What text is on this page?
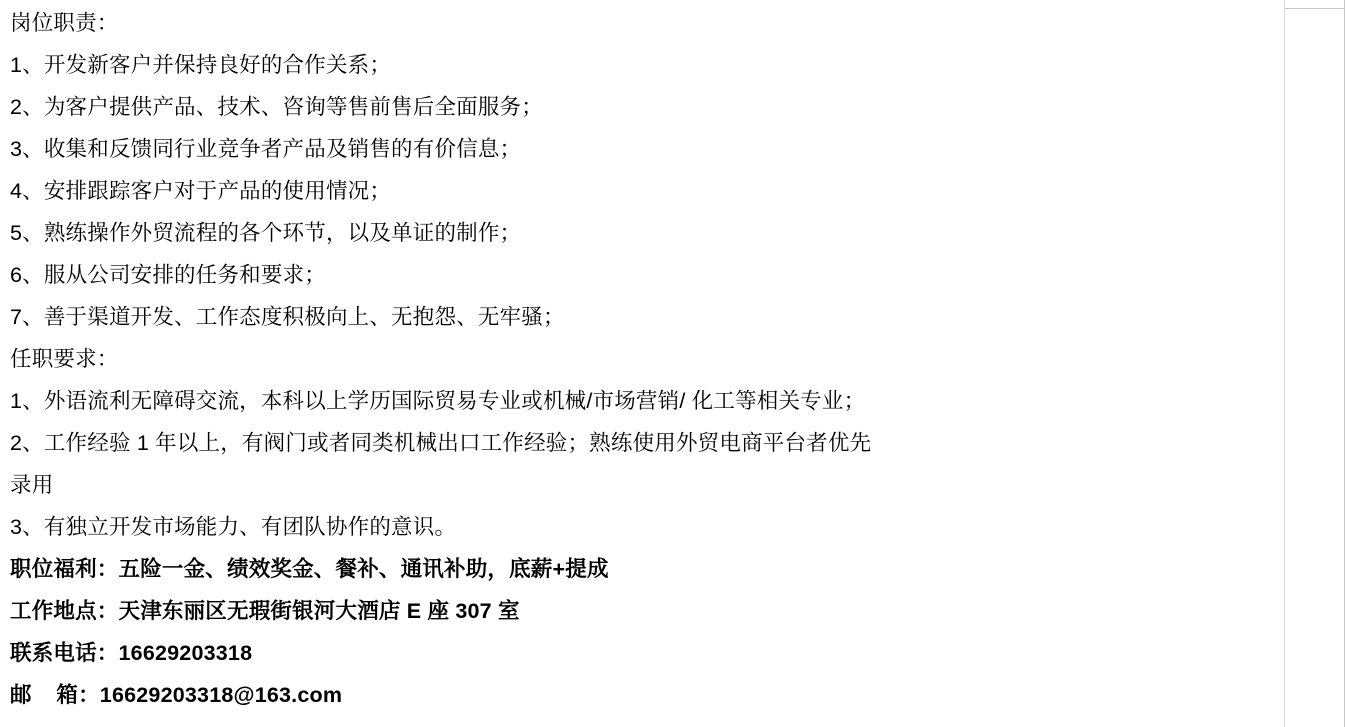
岗位职责：
1、开发新客户并保持良好的合作关系；
2、为客户提供产品、技术、咨询等售前售后全面服务；
3、收集和反馈同行业竞争者产品及销售的有价信息；
4、安排跟踪客户对于产品的使用情况；
5、熟练操作外贸流程的各个环节，以及单证的制作；
6、服从公司安排的任务和要求；
7、善于渠道开发、工作态度积极向上、无抱怨、无牢骚；
任职要求：
1、外语流利无障碍交流，本科以上学历国际贸易专业或机械/市场营销/ 化工等相关专业；
2、工作经验 1 年以上，有阀门或者同类机械出口工作经验；熟练使用外贸电商平台者优先
录用
3、有独立开发市场能力、有团队协作的意识。
职位福利：五险一金、绩效奖金、餐补、通讯补助，底薪+提成
工作地点：天津东丽区无瑕街银河大酒店 E 座 307 室
联系电话：16629203318
邮    箱：16629203318@163.com
